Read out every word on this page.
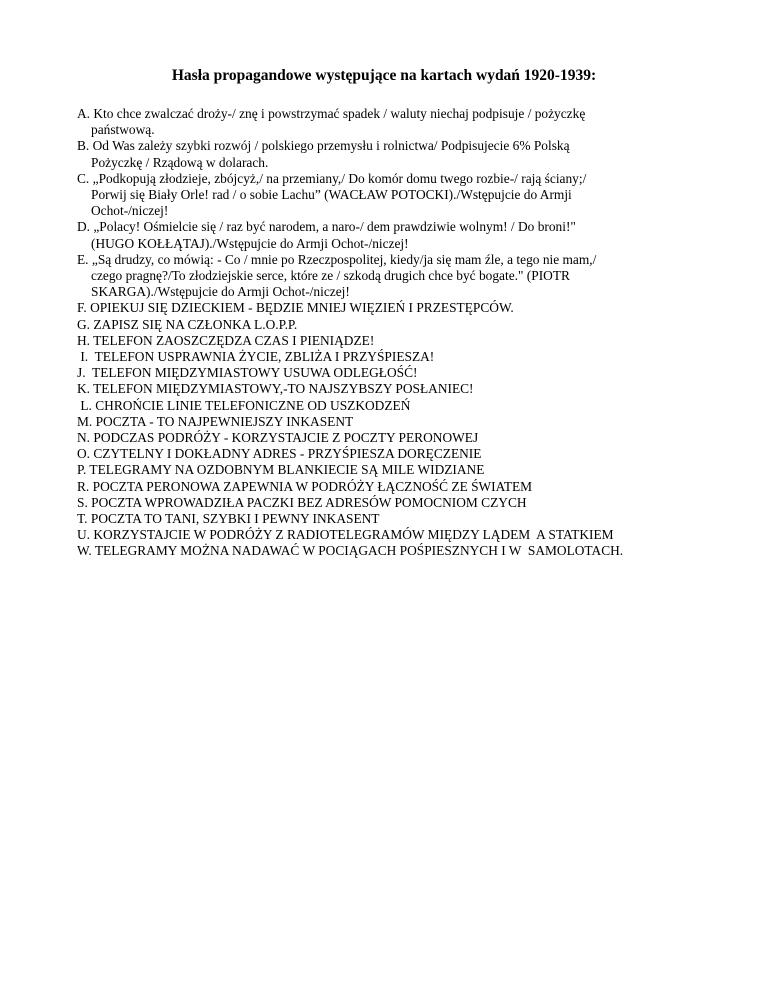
Hasła propagandowe występujące na kartach wydań 1920-1939:
A. Kto chce zwalczać droży-/ znę i powstrzymać spadek / waluty niechaj podpisuje / pożyczkę
państwową.
B. Od Was zależy szybki rozwój / polskiego przemysłu i rolnictwa/ Podpisujecie 6% Polską
Pożyczkę / Rządową w dolarach.
C. „Podkopują złodzieje, zbójcyż,/ na przemiany,/ Do komór domu twego rozbie-/ rają ściany;/
Porwij się Biały Orle! rad / o sobie Lachu” (WACŁAW POTOCKI)./Wstępujcie do Armji
Ochot-/niczej!
D. „Polacy! Ośmielcie się / raz być narodem, a naro-/ dem prawdziwie wolnym! / Do broni!"
(HUGO KOŁŁĄTAJ)./Wstępujcie do Armji Ochot-/niczej!
E. „Są drudzy, co mówią: - Co / mnie po Rzeczpospolitej, kiedy/ja się mam źle, a tego nie mam,/
czego pragnę?/To złodziejskie serce, które ze / szkodą drugich chce być bogate." (PIOTR
SKARGA)./Wstępujcie do Armji Ochot-/niczej!
F. OPIEKUJ SIĘ DZIECKIEM - BĘDZIE MNIEJ WIĘZIEŃ I PRZESTĘPCÓW.
G. ZAPISZ SIĘ NA CZŁONKA L.O.P.P.
H. TELEFON ZAOSZCZĘDZA CZAS I PIENIĄDZE!
I.  TELEFON USPRAWNIA ŻYCIE, ZBLIŻA I PRZYŚPIESZA!
J.  TELEFON MIĘDZYMIASTOWY USUWA ODLEGŁOŚĆ!
K. TELEFON MIĘDZYMIASTOWY,-TO NAJSZYBSZY POSŁANIEC!
L. CHROŃCIE LINIE TELEFONICZNE OD USZKODZEŃ
M. POCZTA - TO NAJPEWNIEJSZY INKASENT
N. PODCZAS PODRÓŻY - KORZYSTAJCIE Z POCZTY PERONOWEJ
O. CZYTELNY I DOKŁADNY ADRES - PRZYŚPIESZA DORĘCZENIE
P. TELEGRAMY NA OZDOBNYM BLANKIECIE SĄ MILE WIDZIANE
R. POCZTA PERONOWA ZAPEWNIA W PODRÓŻY ŁĄCZNOŚĆ ZE ŚWIATEM
S. POCZTA WPROWADZIŁA PACZKI BEZ ADRESÓW POMOCNIOM CZYCH
T. POCZTA TO TANI, SZYBKI I PEWNY INKASENT
U. KORZYSTAJCIE W PODRÓŻY Z RADIOTELEGRAMÓW MIĘDZY LĄDEM  A STATKIEM
W. TELEGRAMY MOŻNA NADAWAĆ W POCIĄGACH POŚPIESZNYCH I W  SAMOLOTACH.
